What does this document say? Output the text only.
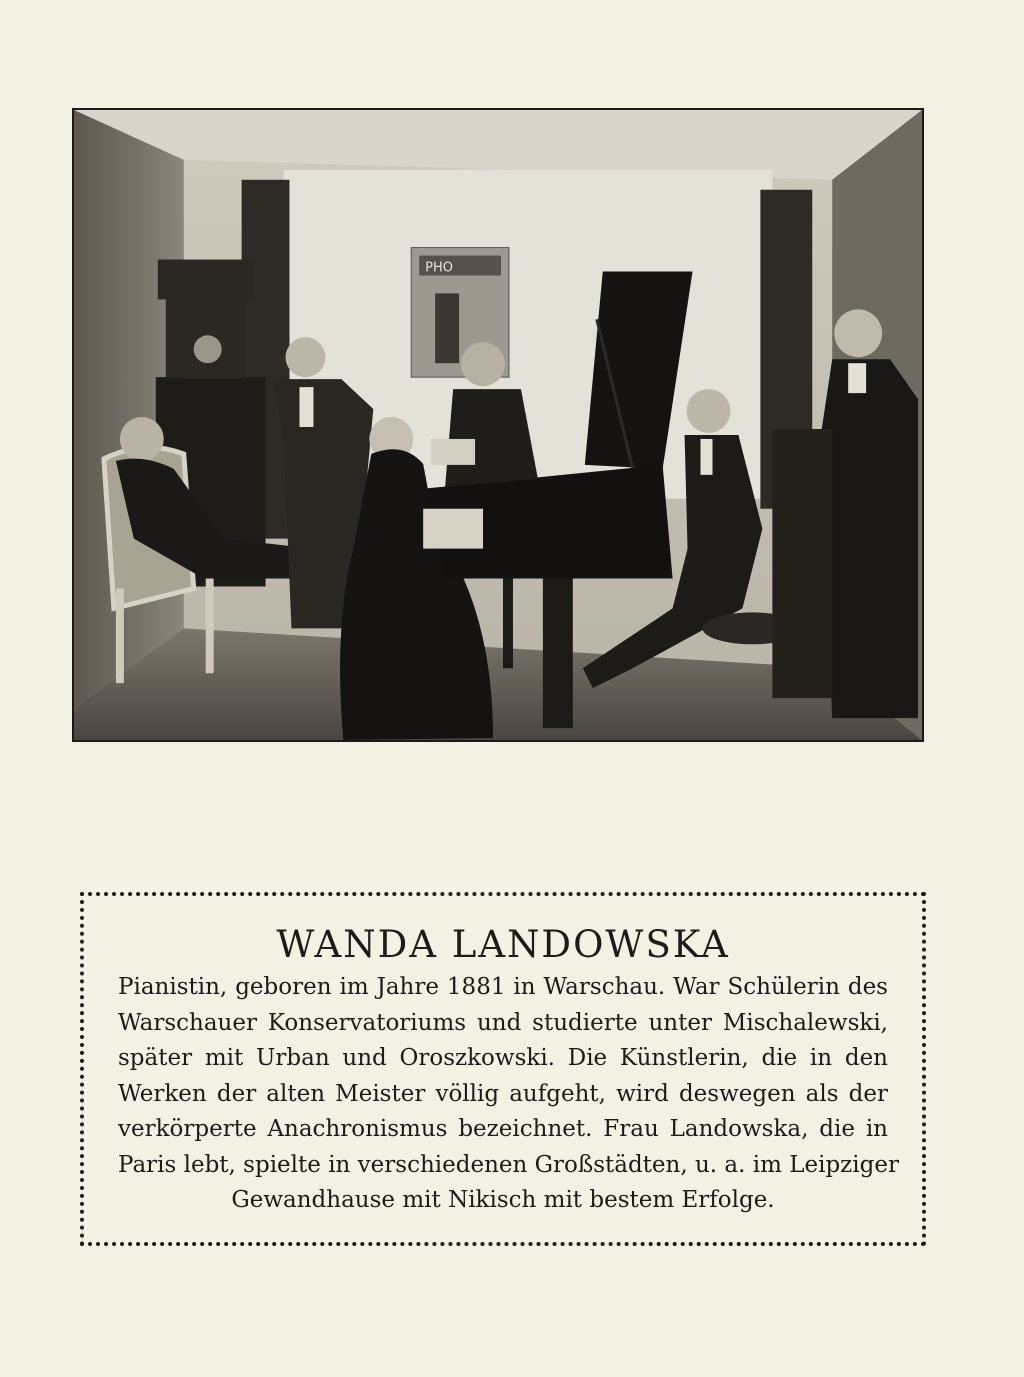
PHO
WANDA LANDOWSKA
Pianistin, geboren im Jahre 1881 in Warschau. War Schülerin des
Warschauer Konservatoriums und studierte unter Mischalewski,
später mit Urban und Oroszkowski. Die Künstlerin, die in den
Werken der alten Meister völlig aufgeht, wird deswegen als der
verkörperte Anachronismus bezeichnet. Frau Landowska, die in
Paris lebt, spielte in verschiedenen Großstädten, u. a. im Leipziger
Gewandhause mit Nikisch mit bestem Erfolge.
